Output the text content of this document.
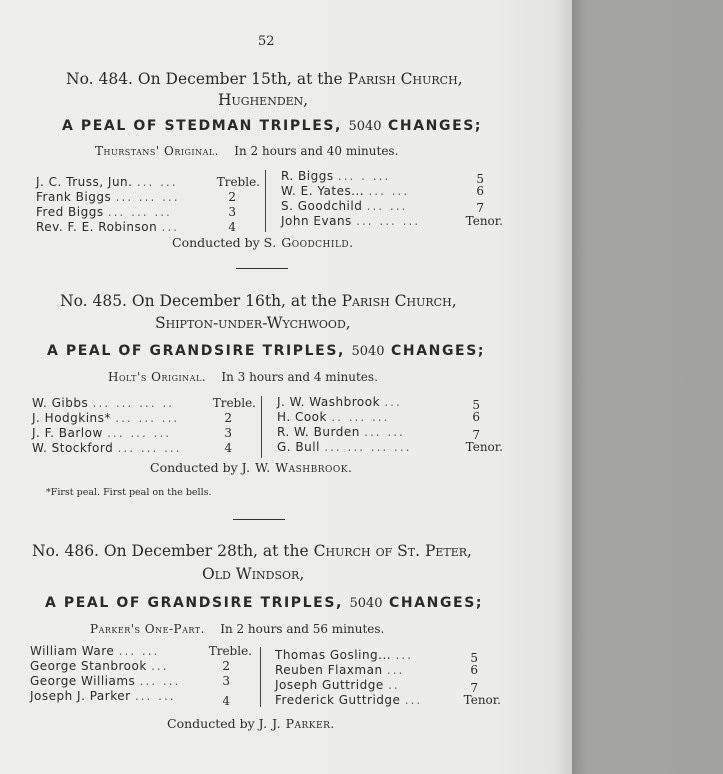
52
No. 484. On December 15th, at the Parish Church,
Hughenden,
A PEAL OF STEDMAN TRIPLES, 5040 CHANGES;
Thurstans' Original. In 2 hours and 40 minutes.
J. C. Truss, Jun. ... ...	Treble.
Frank Biggs ... ... ...	2
Fred Biggs ... ... ...	3
Rev. F. E. Robinson ...	4
R. Biggs ... . ...	5
W. E. Yates... ... ...	6
S. Goodchild ... ...	7
John Evans ... ... ...	Tenor.
Conducted by S. Goodchild.
No. 485. On December 16th, at the Parish Church,
Shipton-under-Wychwood,
A PEAL OF GRANDSIRE TRIPLES, 5040 CHANGES;
Holt's Original. In 3 hours and 4 minutes.
W. Gibbs ... ... ... ..	Treble.
J. Hodgkins* ... ... ...	2
J. F. Barlow ... ... ...	3
W. Stockford ... ... ...	4
J. W. Washbrook ...	5
H. Cook .. ... ...	6
R. W. Burden ... ...	7
G. Bull ... ... ... ...	Tenor.
Conducted by J. W. Washbrook.
*First peal. First peal on the bells.
No. 486. On December 28th, at the Church of St. Peter,
Old Windsor,
A PEAL OF GRANDSIRE TRIPLES, 5040 CHANGES;
Parker's One-Part. In 2 hours and 56 minutes.
William Ware ... ...	Treble.
George Stanbrook ...	2
George Williams ... ...	3
Joseph J. Parker ... ...	4
Thomas Gosling... ...	5
Reuben Flaxman ...	6
Joseph Guttridge ..	7
Frederick Guttridge ...	Tenor.
Conducted by J. J. Parker.
